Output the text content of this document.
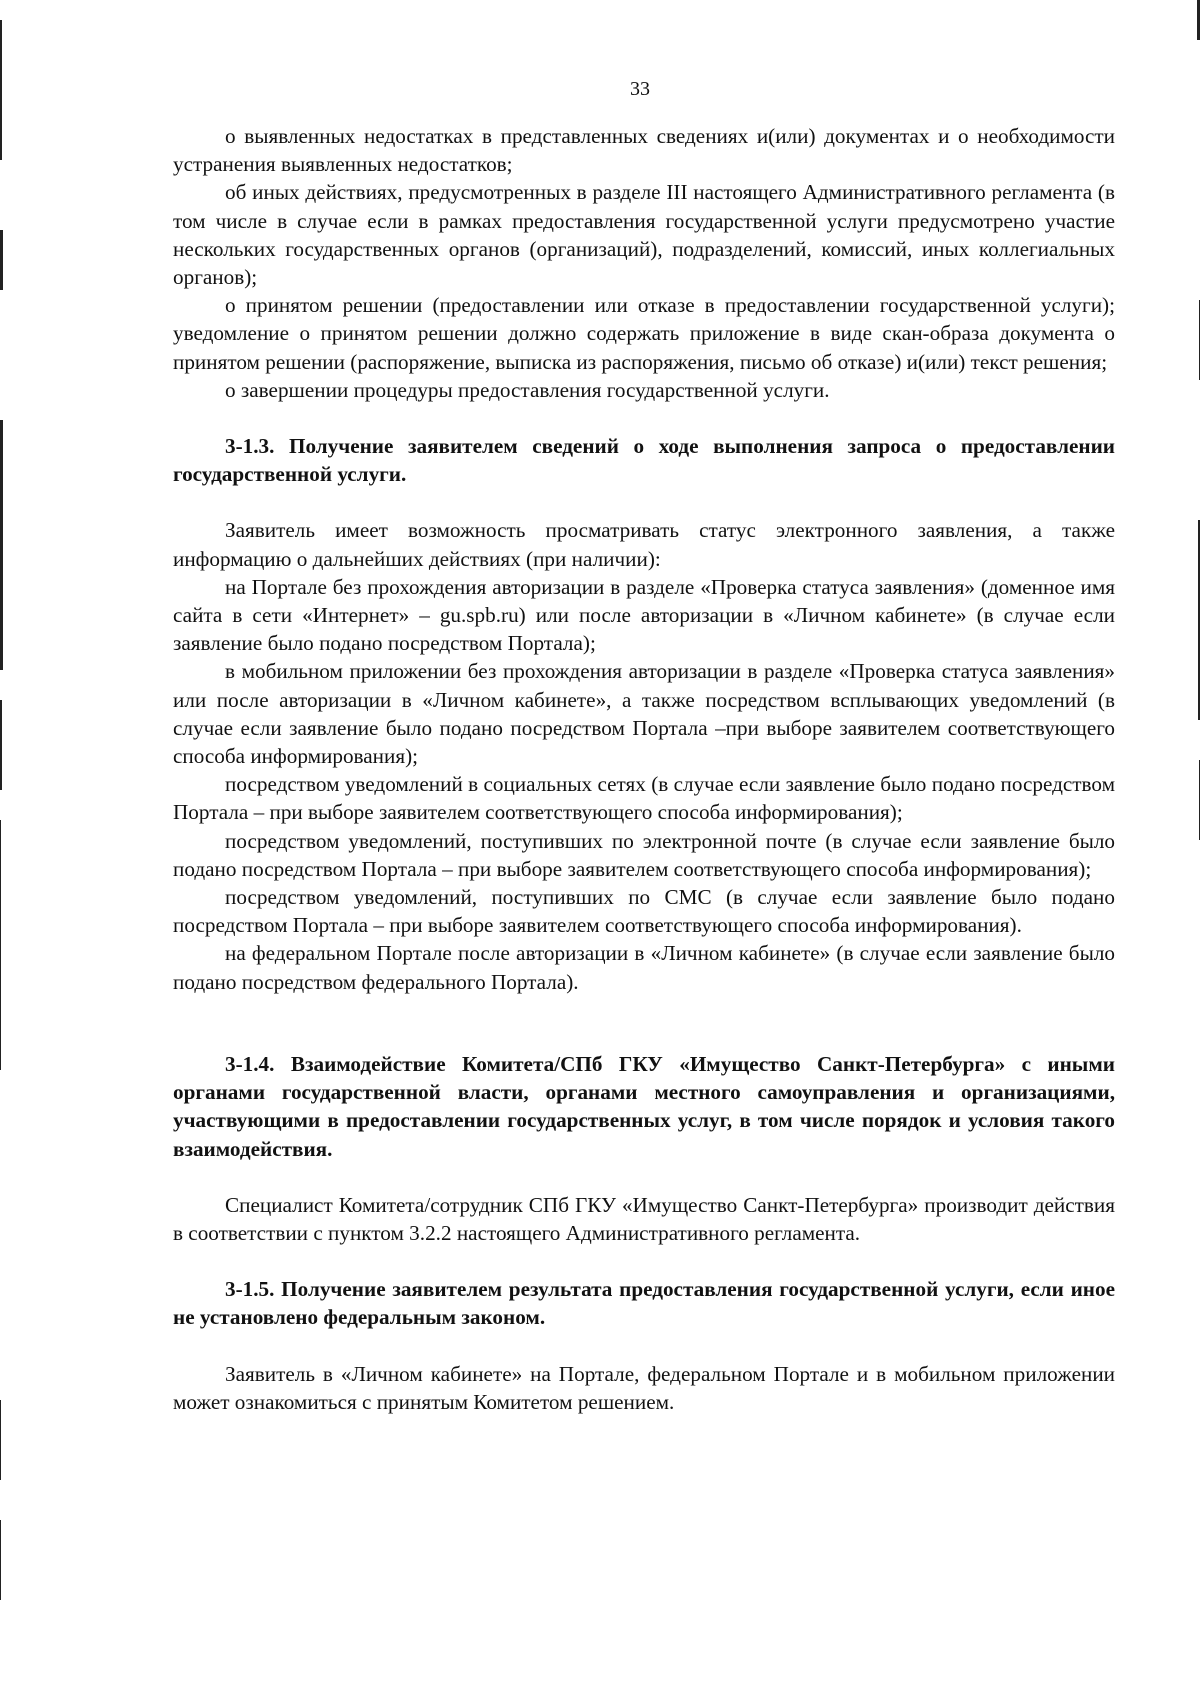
33

о выявленных недостатках в представленных сведениях и(или) документах и о необходимости устранения выявленных недостатков;

об иных действиях, предусмотренных в разделе III настоящего Административного регламента (в том числе в случае если в рамках предоставления государственной услуги предусмотрено участие нескольких государственных органов (организаций), подразделений, комиссий, иных коллегиальных органов);

о принятом решении (предоставлении или отказе в предоставлении государственной услуги); уведомление о принятом решении должно содержать приложение в виде скан-образа документа о принятом решении (распоряжение, выписка из распоряжения, письмо об отказе) и(или) текст решения;

о завершении процедуры предоставления государственной услуги.

3-1.3. Получение заявителем сведений о ходе выполнения запроса о предоставлении государственной услуги.

Заявитель имеет возможность просматривать статус электронного заявления, а также информацию о дальнейших действиях (при наличии):

на Портале без прохождения авторизации в разделе «Проверка статуса заявления» (доменное имя сайта в сети «Интернет» – gu.spb.ru) или после авторизации в «Личном кабинете» (в случае если заявление было подано посредством Портала);

в мобильном приложении без прохождения авторизации в разделе «Проверка статуса заявления» или после авторизации в «Личном кабинете», а также посредством всплывающих уведомлений (в случае если заявление было подано посредством Портала –при выборе заявителем соответствующего способа информирования);

посредством уведомлений в социальных сетях (в случае если заявление было подано посредством Портала – при выборе заявителем соответствующего способа информирования);

посредством уведомлений, поступивших по электронной почте (в случае если заявление было подано посредством Портала – при выборе заявителем соответствующего способа информирования);

посредством уведомлений, поступивших по СМС (в случае если заявление было подано посредством Портала – при выборе заявителем соответствующего способа информирования).

на федеральном Портале после авторизации в «Личном кабинете» (в случае если заявление было подано посредством федерального Портала).

3-1.4. Взаимодействие Комитета/СПб ГКУ «Имущество Санкт-Петербурга» с иными органами государственной власти, органами местного самоуправления и организациями, участвующими в предоставлении государственных услуг, в том числе порядок и условия такого взаимодействия.

Специалист Комитета/сотрудник СПб ГКУ «Имущество Санкт-Петербурга» производит действия в соответствии с пунктом 3.2.2 настоящего Административного регламента.

3-1.5. Получение заявителем результата предоставления государственной услуги, если иное не установлено федеральным законом.

Заявитель в «Личном кабинете» на Портале, федеральном Портале и в мобильном приложении может ознакомиться с принятым Комитетом решением.
